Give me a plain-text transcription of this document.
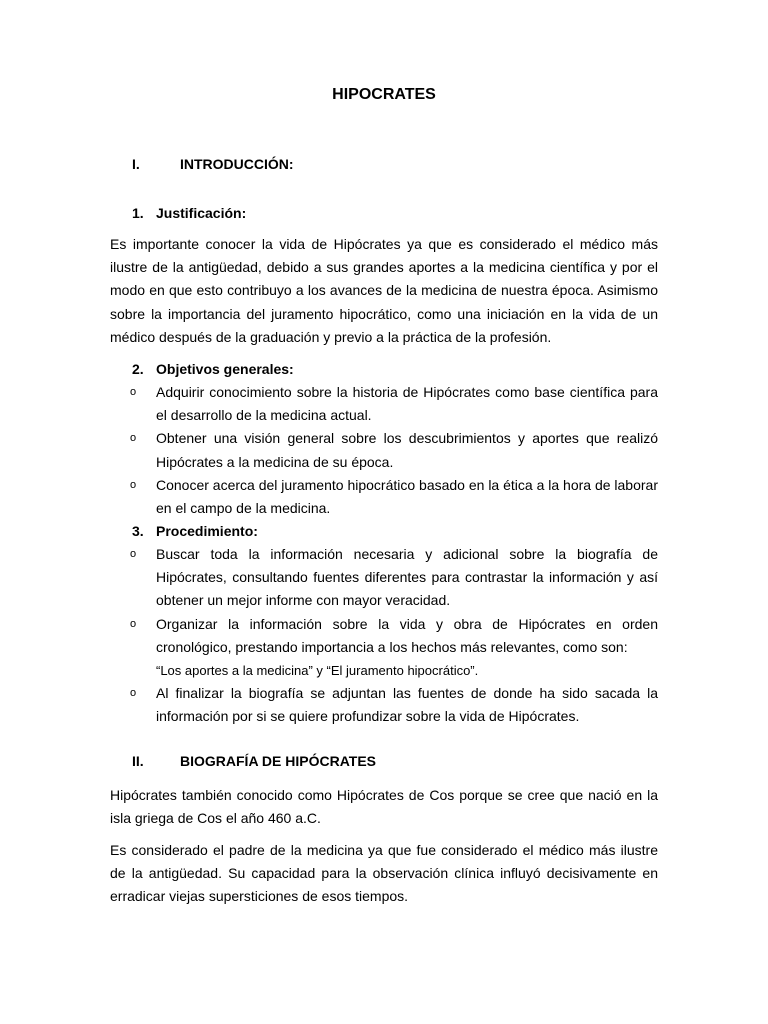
HIPOCRATES
I.	INTRODUCCIÓN:
1. Justificación:
Es importante conocer la vida de Hipócrates ya que es considerado el médico más ilustre de la antigüedad, debido a sus grandes aportes a la medicina científica y por el modo en que esto contribuyo a los avances de la medicina de nuestra época. Asimismo sobre la importancia del juramento hipocrático, como una iniciación en la vida de un médico después de la graduación y previo a la práctica de la profesión.
2. Objetivos generales:
o Adquirir conocimiento sobre la historia de Hipócrates como base científica para el desarrollo de la medicina actual.
o Obtener una visión general sobre los descubrimientos y aportes que realizó Hipócrates a la medicina de su época.
o Conocer acerca del juramento hipocrático basado en la ética a la hora de laborar en el campo de la medicina.
3. Procedimiento:
o Buscar toda la información necesaria y adicional sobre la biografía de Hipócrates, consultando fuentes diferentes para contrastar la información y así obtener un mejor informe con mayor veracidad.
o Organizar la información sobre la vida y obra de Hipócrates en orden cronológico, prestando importancia a los hechos más relevantes, como son:
“Los aportes a la medicina” y “El juramento hipocrático”.
o Al finalizar la biografía se adjuntan las fuentes de donde ha sido sacada la información por si se quiere profundizar sobre la vida de Hipócrates.
II.	BIOGRAFÍA DE HIPÓCRATES
Hipócrates también conocido como Hipócrates de Cos porque se cree que nació en la isla griega de Cos el año 460 a.C.
Es considerado el padre de la medicina ya que fue considerado el médico más ilustre de la antigüedad. Su capacidad para la observación clínica influyó decisivamente en erradicar viejas supersticiones de esos tiempos.
